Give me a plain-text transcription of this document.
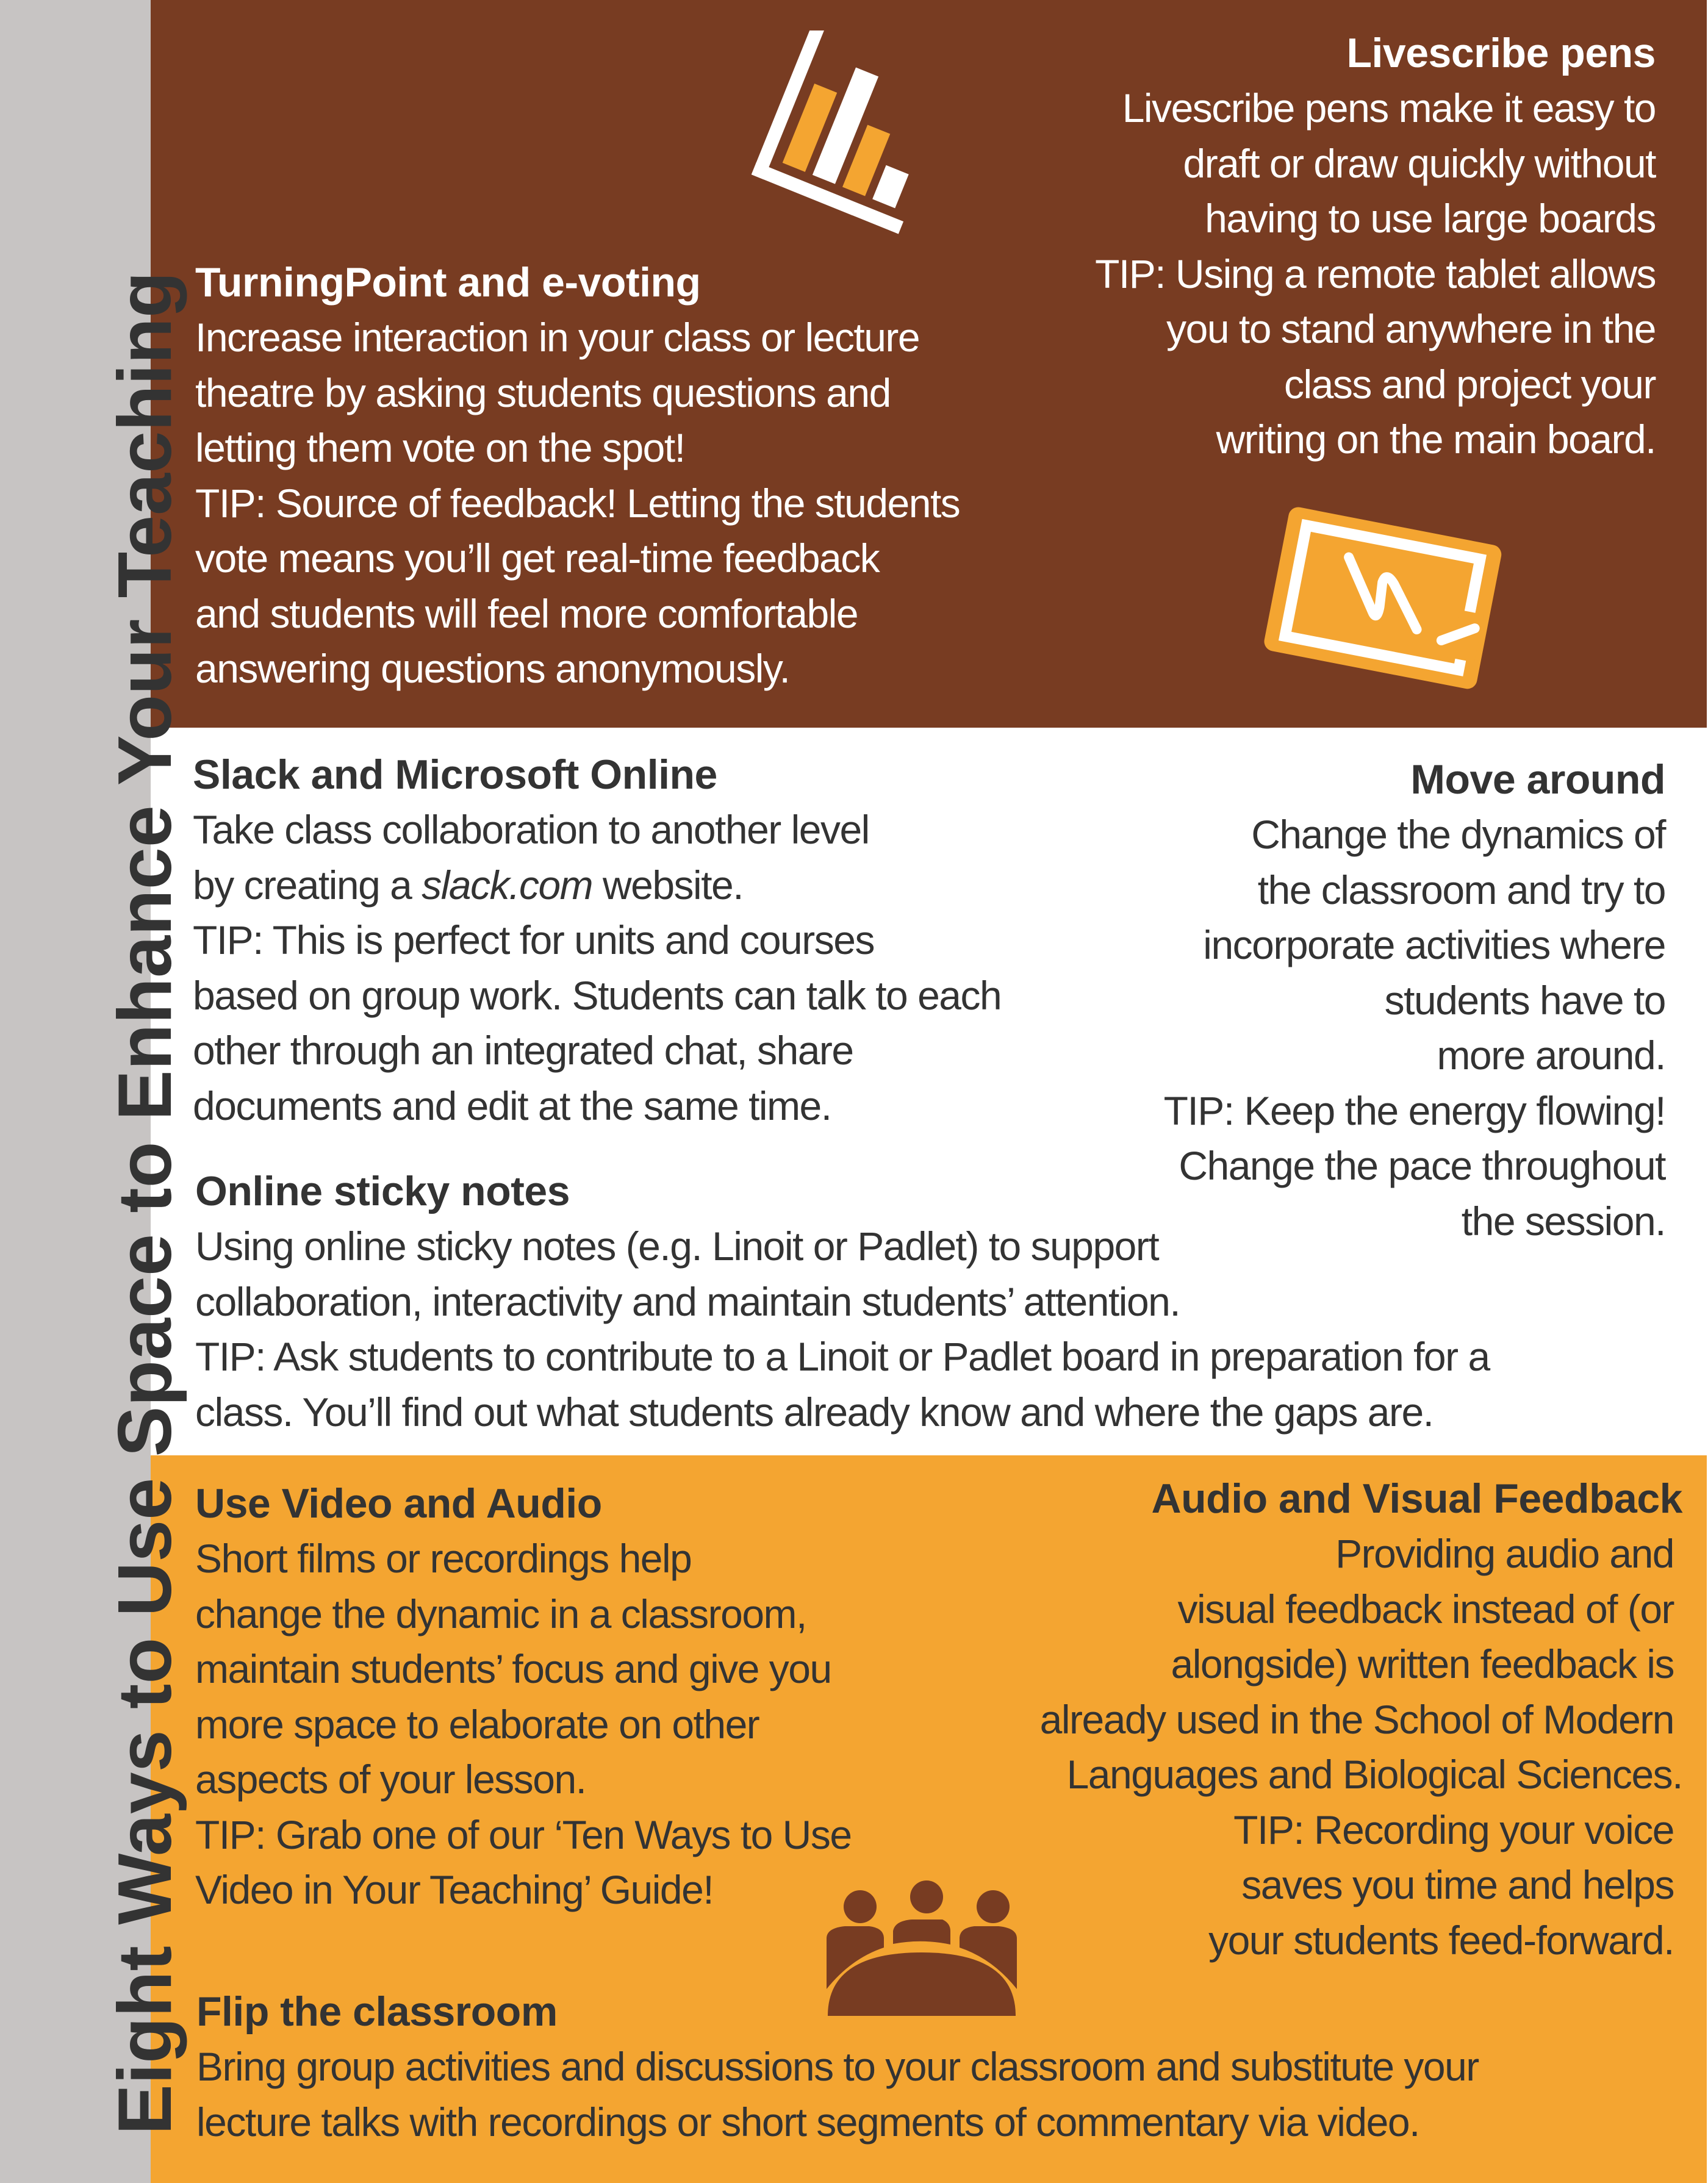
Eight Ways to Use Space to Enhance Your Teaching TurningPoint and e-voting

Increase interaction in your class or lecture
theatre by asking students questions and
letting them vote on the spot!
TIP: Source of feedback! Letting the students
vote means you’ll get real-time feedback
and students will feel more comfortable
answering questions anonymously.

Livescribe pens

Livescribe pens make it easy to
draft or draw quickly without
having to use large boards
TIP: Using a remote tablet allows
you to stand anywhere in the
class and project your
writing on the main board.

Slack and Microsoft Online

Take class collaboration to another level
by creating a slack.com website.
TIP: This is perfect for units and courses
based on group work. Students can talk to each
other through an integrated chat, share
documents and edit at the same time.

Move around

Change the dynamics of
the classroom and try to
incorporate activities where
students have to
more around.
TIP: Keep the energy flowing!
Change the pace throughout
the session.

Online sticky notes

Using online sticky notes (e.g. Linoit or Padlet) to support
collaboration, interactivity and maintain students’ attention.
TIP: Ask students to contribute to a Linoit or Padlet board in preparation for a
class. You’ll find out what students already know and where the gaps are.

Use Video and Audio

Short films or recordings help
change the dynamic in a classroom,
maintain students’ focus and give you
more space to elaborate on other
aspects of your lesson.
TIP: Grab one of our ‘Ten Ways to Use
Video in Your Teaching’ Guide!

Audio and Visual Feedback

Providing audio and
visual feedback instead of (or
alongside) written feedback is
already used in the School of Modern
Languages and Biological Sciences.
TIP: Recording your voice
saves you time and helps
your students feed-forward.

Flip the classroom

Bring group activities and discussions to your classroom and substitute your
lecture talks with recordings or short segments of commentary via video.
